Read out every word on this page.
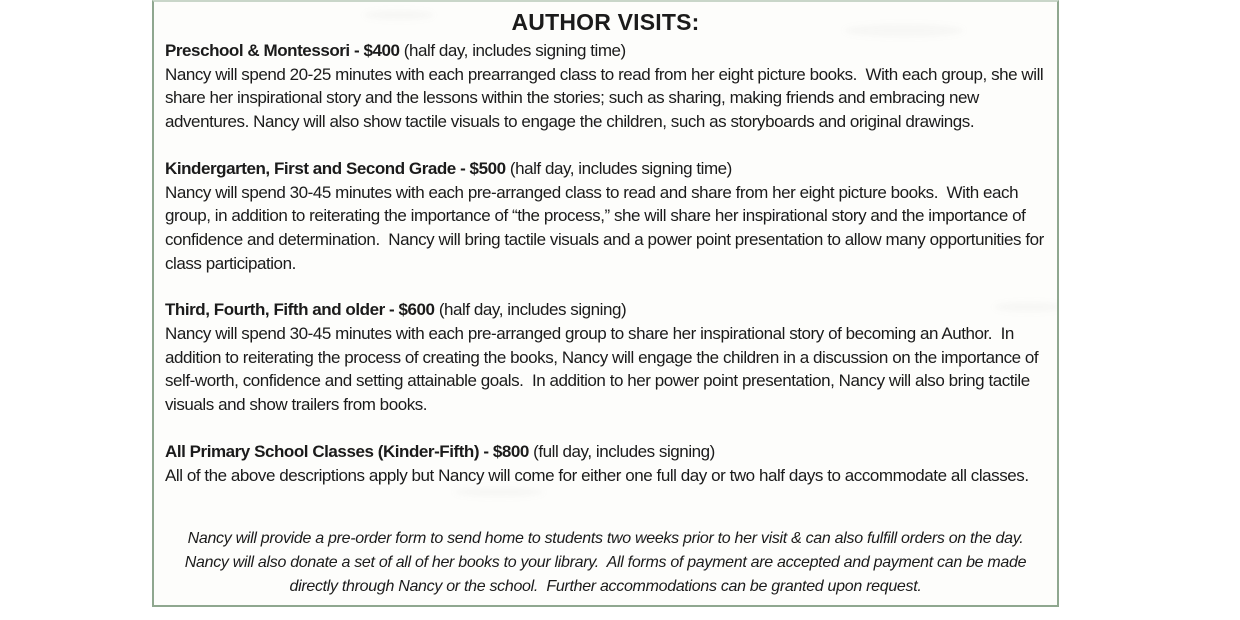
AUTHOR VISITS:

Preschool & Montessori - $400 (half day, includes signing time)

Nancy will spend 20-25 minutes with each prearranged class to read from her eight picture books.  With each group, she will share her inspirational story and the lessons within the stories; such as sharing, making friends and embracing new adventures. Nancy will also show tactile visuals to engage the children, such as storyboards and original drawings.

Kindergarten, First and Second Grade - $500 (half day, includes signing time)

Nancy will spend 30-45 minutes with each pre-arranged class to read and share from her eight picture books.  With each group, in addition to reiterating the importance of “the process,” she will share her inspirational story and the importance of confidence and determination.  Nancy will bring tactile visuals and a power point presentation to allow many opportunities for class participation.

Third, Fourth, Fifth and older - $600 (half day, includes signing)

Nancy will spend 30-45 minutes with each pre-arranged group to share her inspirational story of becoming an Author.  In addition to reiterating the process of creating the books, Nancy will engage the children in a discussion on the importance of self-worth, confidence and setting attainable goals.  In addition to her power point presentation, Nancy will also bring tactile visuals and show trailers from books.

All Primary School Classes (Kinder-Fifth) - $800 (full day, includes signing)

All of the above descriptions apply but Nancy will come for either one full day or two half days to accommodate all classes.

Nancy will provide a pre-order form to send home to students two weeks prior to her visit & can also fulfill orders on the day. Nancy will also donate a set of all of her books to your library.  All forms of payment are accepted and payment can be made directly through Nancy or the school.  Further accommodations can be granted upon request.
